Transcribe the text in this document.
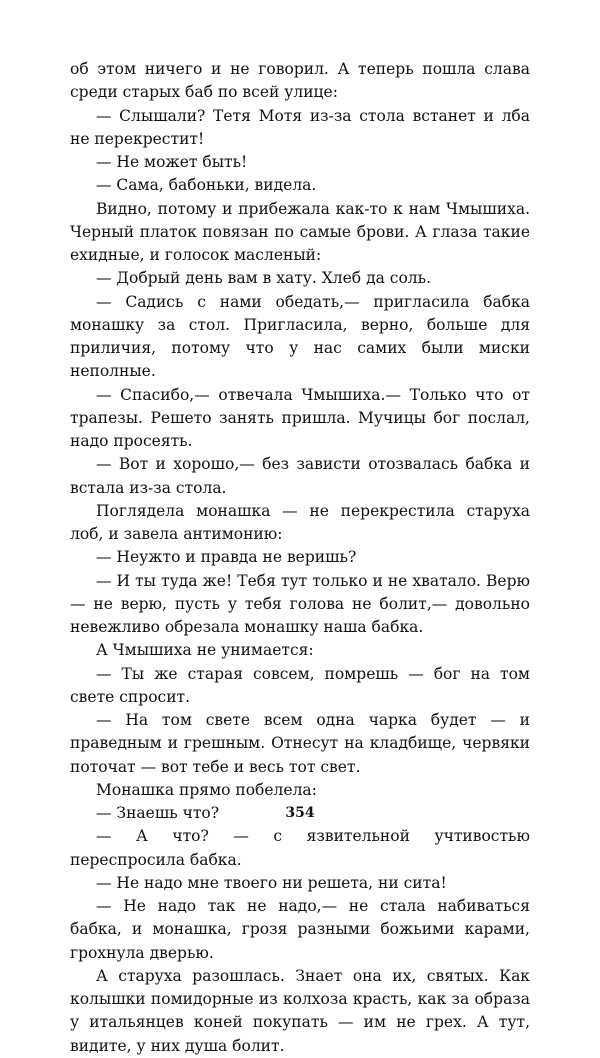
об этом ничего и не говорил. А теперь пошла слава среди старых баб по всей улице:

— Слышали? Тетя Мотя из-за стола встанет и лба не перекрестит!

— Не может быть!

— Сама, бабоньки, видела.

Видно, потому и прибежала как-то к нам Чмышиха. Черный платок повязан по самые брови. А глаза такие ехидные, и голосок масленый:

— Добрый день вам в хату. Хлеб да соль.

— Садись с нами обедать,— пригласила бабка монашку за стол. Пригласила, верно, больше для приличия, потому что у нас самих были миски неполные.

— Спасибо,— отвечала Чмышиха.— Только что от трапезы. Решето занять пришла. Мучицы бог послал, надо просеять.

— Вот и хорошо,— без зависти отозвалась бабка и встала из-за стола.

Поглядела монашка — не перекрестила старуха лоб, и завела антимонию:

— Неужто и правда не веришь?

— И ты туда же! Тебя тут только и не хватало. Верю — не верю, пусть у тебя голова не болит,— довольно невежливо обрезала монашку наша бабка.

А Чмышиха не унимается:

— Ты же старая совсем, помрешь — бог на том свете спросит.

— На том свете всем одна чарка будет — и праведным и грешным. Отнесут на кладбище, червяки поточат — вот тебе и весь тот свет.

Монашка прямо побелела:

— Знаешь что?

— А что? — с язвительной учтивостью переспросила бабка.

— Не надо мне твоего ни решета, ни сита!

— Не надо так не надо,— не стала набиваться бабка, и монашка, грозя разными божьими карами, грохнула дверью.

А старуха разошлась. Знает она их, святых. Как колышки помидорные из колхоза красть, как за образа у итальянцев коней покупать — им не грех. А тут, видите, у них душа болит.

354
